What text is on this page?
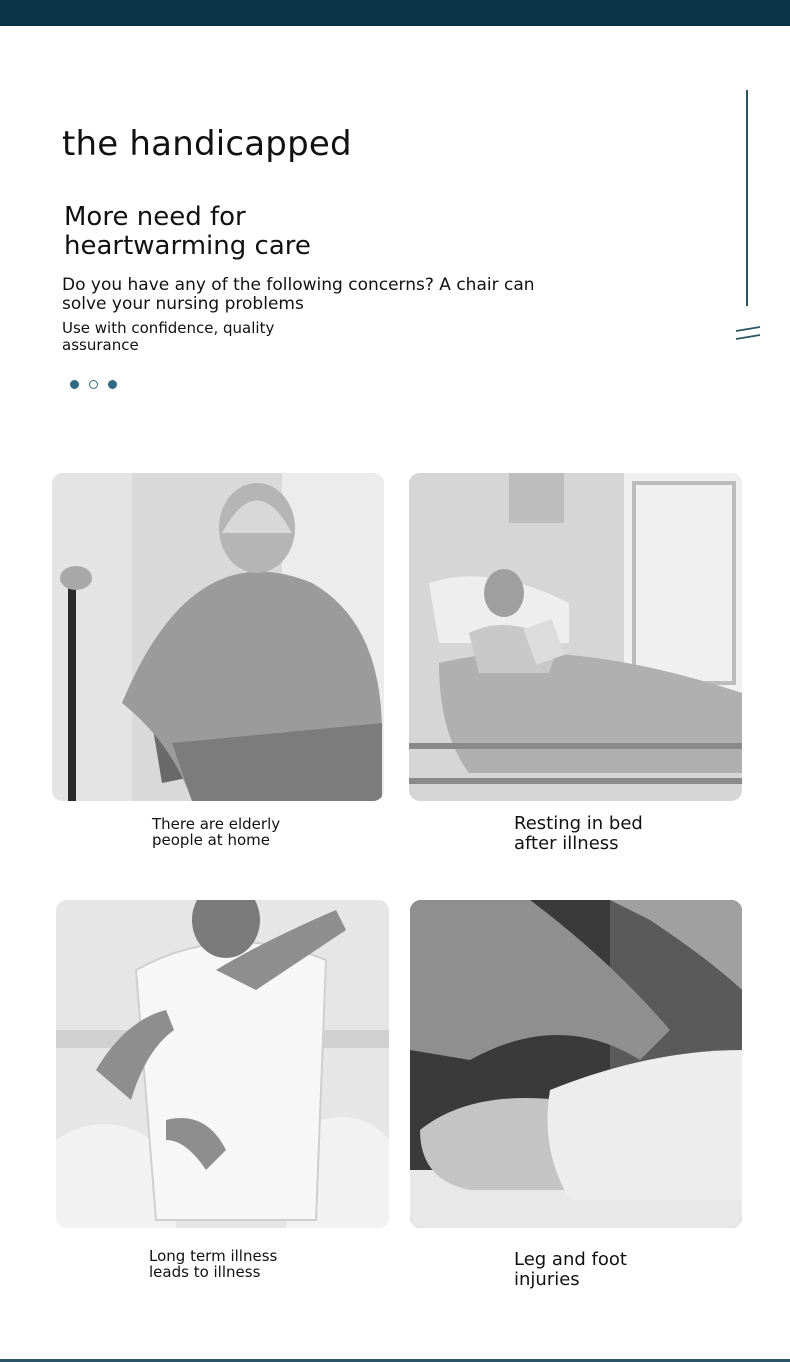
the handicapped
More need for
heartwarming care
Do you have any of the following concerns? A chair can
solve your nursing problems
Use with confidence, quality
assurance
There are elderly
people at home
Resting in bed
after illness
Long term illness
leads to illness
Leg and foot
injuries
